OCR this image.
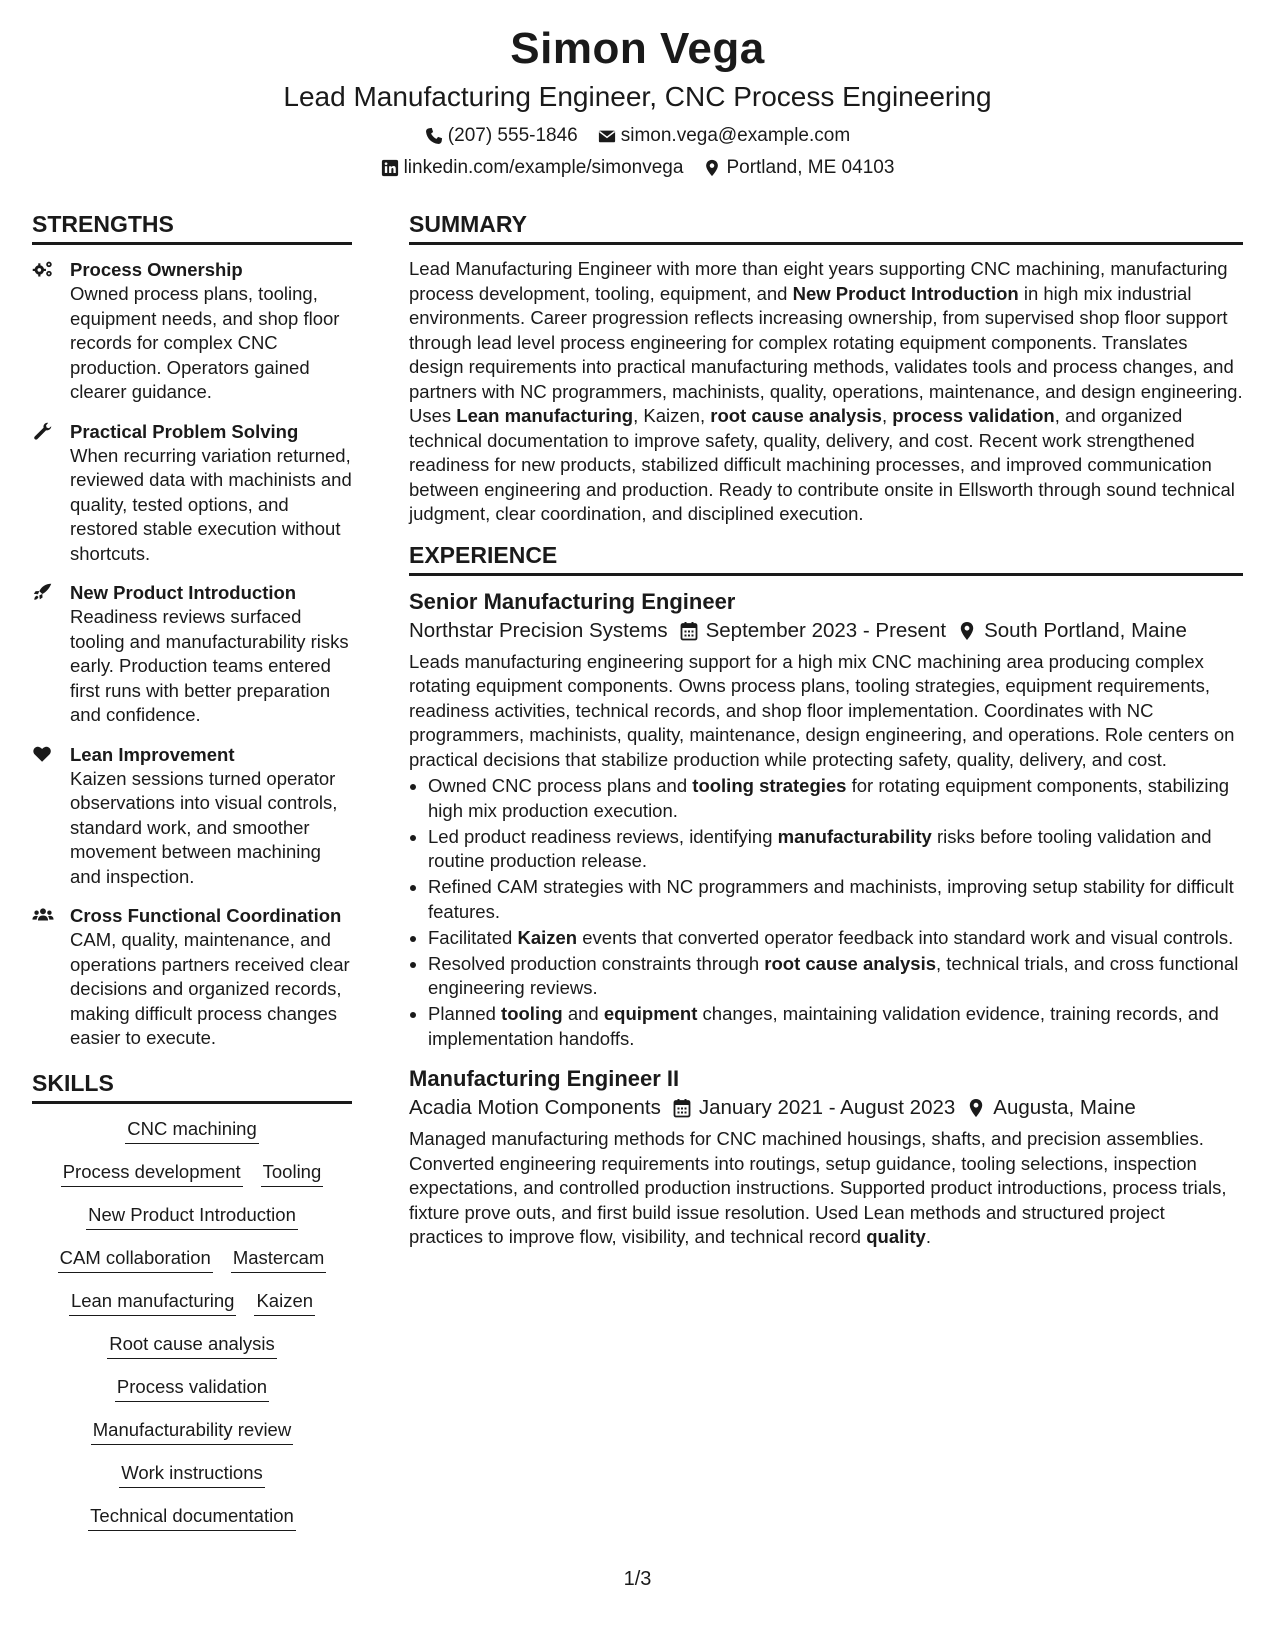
Simon Vega
Lead Manufacturing Engineer, CNC Process Engineering
(207) 555-1846 simon.vega@example.com
linkedin.com/example/simonvega Portland, ME 04103
STRENGTHS
Process Ownership
Owned process plans, tooling, equipment needs, and shop floor records for complex CNC production. Operators gained clearer guidance.
Practical Problem Solving
When recurring variation returned, reviewed data with machinists and quality, tested options, and restored stable execution without shortcuts.
New Product Introduction
Readiness reviews surfaced tooling and manufacturability risks early. Production teams entered first runs with better preparation and confidence.
Lean Improvement
Kaizen sessions turned operator observations into visual controls, standard work, and smoother movement between machining and inspection.
Cross Functional Coordination
CAM, quality, maintenance, and operations partners received clear decisions and organized records, making difficult process changes easier to execute.
SKILLS
CNC machining
Process development Tooling
New Product Introduction
CAM collaboration Mastercam
Lean manufacturing Kaizen
Root cause analysis
Process validation
Manufacturability review
Work instructions
Technical documentation
SUMMARY
Lead Manufacturing Engineer with more than eight years supporting CNC machining, manufacturing process development, tooling, equipment, and New Product Introduction in high mix industrial environments. Career progression reflects increasing ownership, from supervised shop floor support through lead level process engineering for complex rotating equipment components. Translates design requirements into practical manufacturing methods, validates tools and process changes, and partners with NC programmers, machinists, quality, operations, maintenance, and design engineering. Uses Lean manufacturing, Kaizen, root cause analysis, process validation, and organized technical documentation to improve safety, quality, delivery, and cost. Recent work strengthened readiness for new products, stabilized difficult machining processes, and improved communication between engineering and production. Ready to contribute onsite in Ellsworth through sound technical judgment, clear coordination, and disciplined execution.
EXPERIENCE
Senior Manufacturing Engineer
Northstar Precision Systems September 2023 - Present South Portland, Maine
Leads manufacturing engineering support for a high mix CNC machining area producing complex rotating equipment components. Owns process plans, tooling strategies, equipment requirements, readiness activities, technical records, and shop floor implementation. Coordinates with NC programmers, machinists, quality, maintenance, design engineering, and operations. Role centers on practical decisions that stabilize production while protecting safety, quality, delivery, and cost.
• Owned CNC process plans and tooling strategies for rotating equipment components, stabilizing high mix production execution.
• Led product readiness reviews, identifying manufacturability risks before tooling validation and routine production release.
• Refined CAM strategies with NC programmers and machinists, improving setup stability for difficult features.
• Facilitated Kaizen events that converted operator feedback into standard work and visual controls.
• Resolved production constraints through root cause analysis, technical trials, and cross functional engineering reviews.
• Planned tooling and equipment changes, maintaining validation evidence, training records, and implementation handoffs.
Manufacturing Engineer II
Acadia Motion Components January 2021 - August 2023 Augusta, Maine
Managed manufacturing methods for CNC machined housings, shafts, and precision assemblies. Converted engineering requirements into routings, setup guidance, tooling selections, inspection expectations, and controlled production instructions. Supported product introductions, process trials, fixture prove outs, and first build issue resolution. Used Lean methods and structured project practices to improve flow, visibility, and technical record quality.
1/3
